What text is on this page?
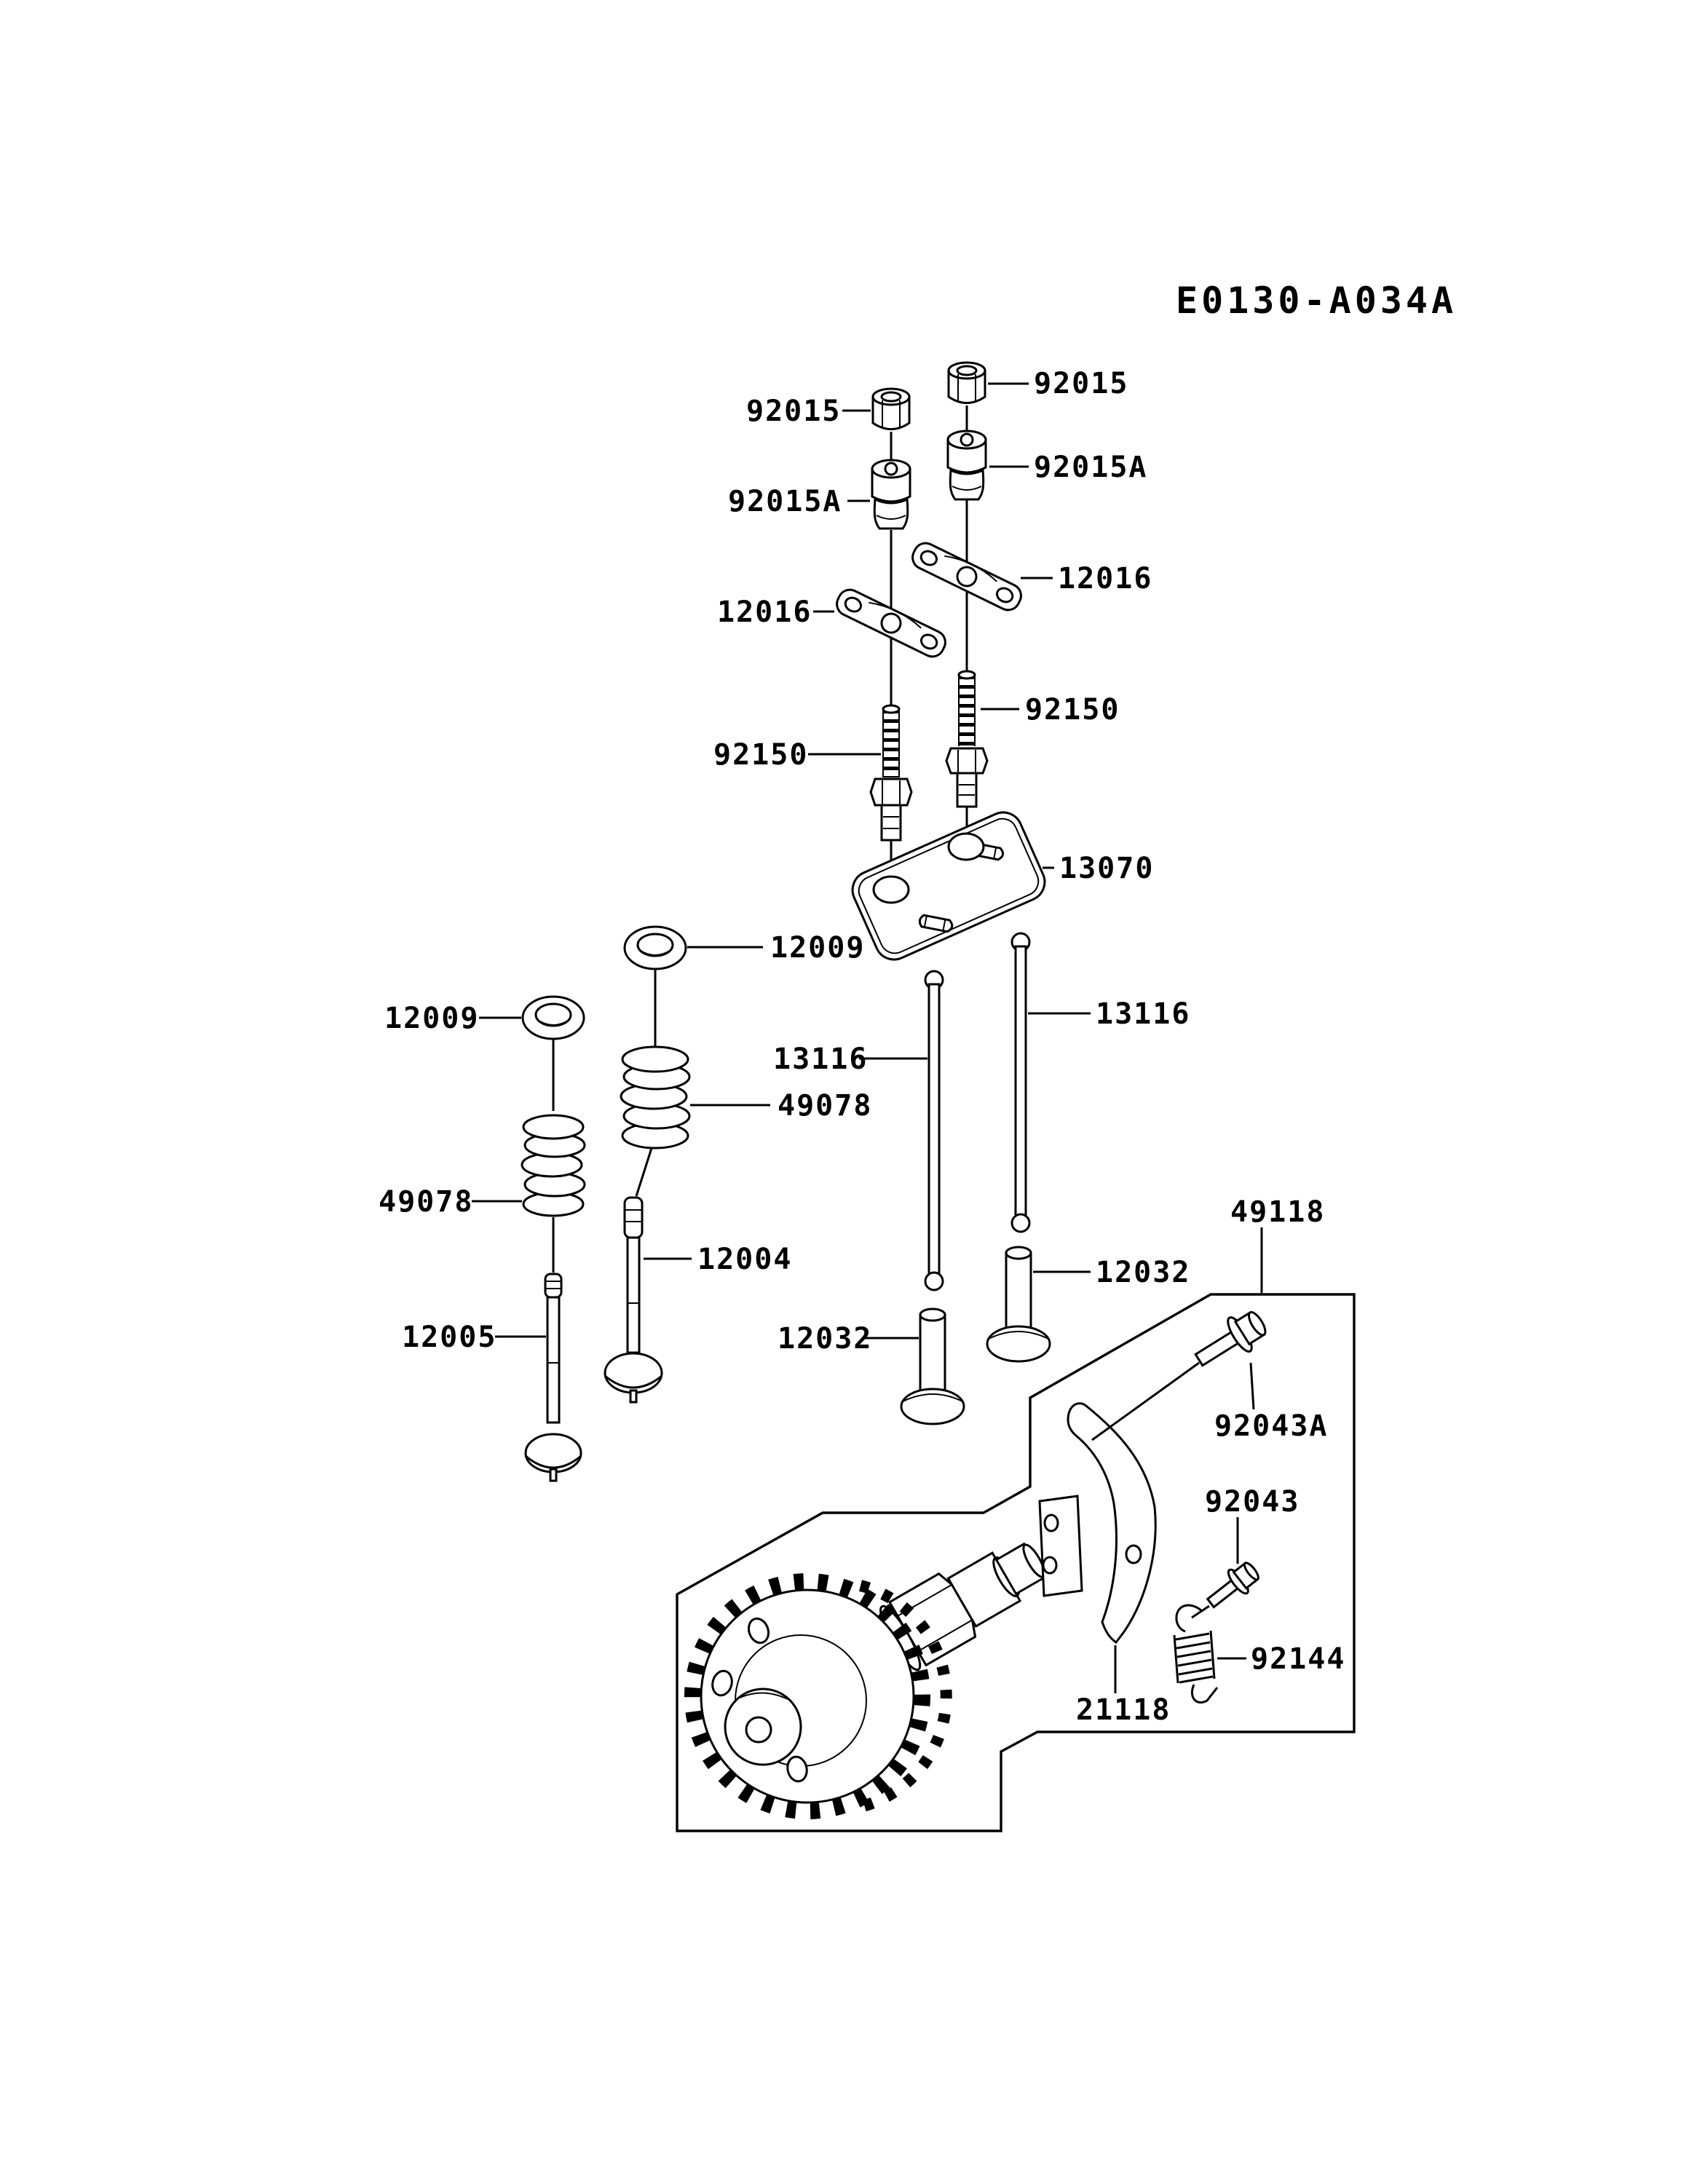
E0130-A034A
92015
92015A
12016
92150
92015
92015A
12016
92150
13070
12009
12009
49078
12005
49078
12004
13116
13116
12032
12032
49118
92043A
92043
92144
21118
